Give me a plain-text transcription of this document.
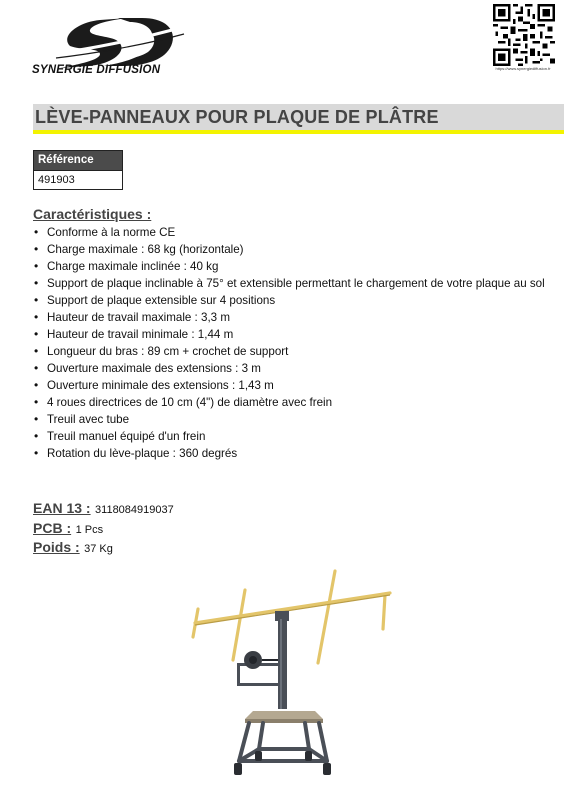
SYNERGIE DIFFUSION	https://www.synergiediffusion.fr
LÈVE-PANNEAUX POUR PLAQUE DE PLÂTRE
Référence
491903
Caractéristiques :
• Conforme à la norme CE
• Charge maximale : 68 kg (horizontale)
• Charge maximale inclinée : 40 kg
• Support de plaque inclinable à 75° et extensible permettant le chargement de votre plaque au sol
• Support de plaque extensible sur 4 positions
• Hauteur de travail maximale : 3,3 m
• Hauteur de travail minimale : 1,44 m
• Longueur du bras : 89 cm + crochet de support
• Ouverture maximale des extensions : 3 m
• Ouverture minimale des extensions : 1,43 m
• 4 roues directrices de 10 cm (4") de diamètre avec frein
• Treuil avec tube
• Treuil manuel équipé d'un frein
• Rotation du lève-plaque : 360 degrés
EAN 13 : 3118084919037
PCB : 1 Pcs
Poids : 37 Kg
